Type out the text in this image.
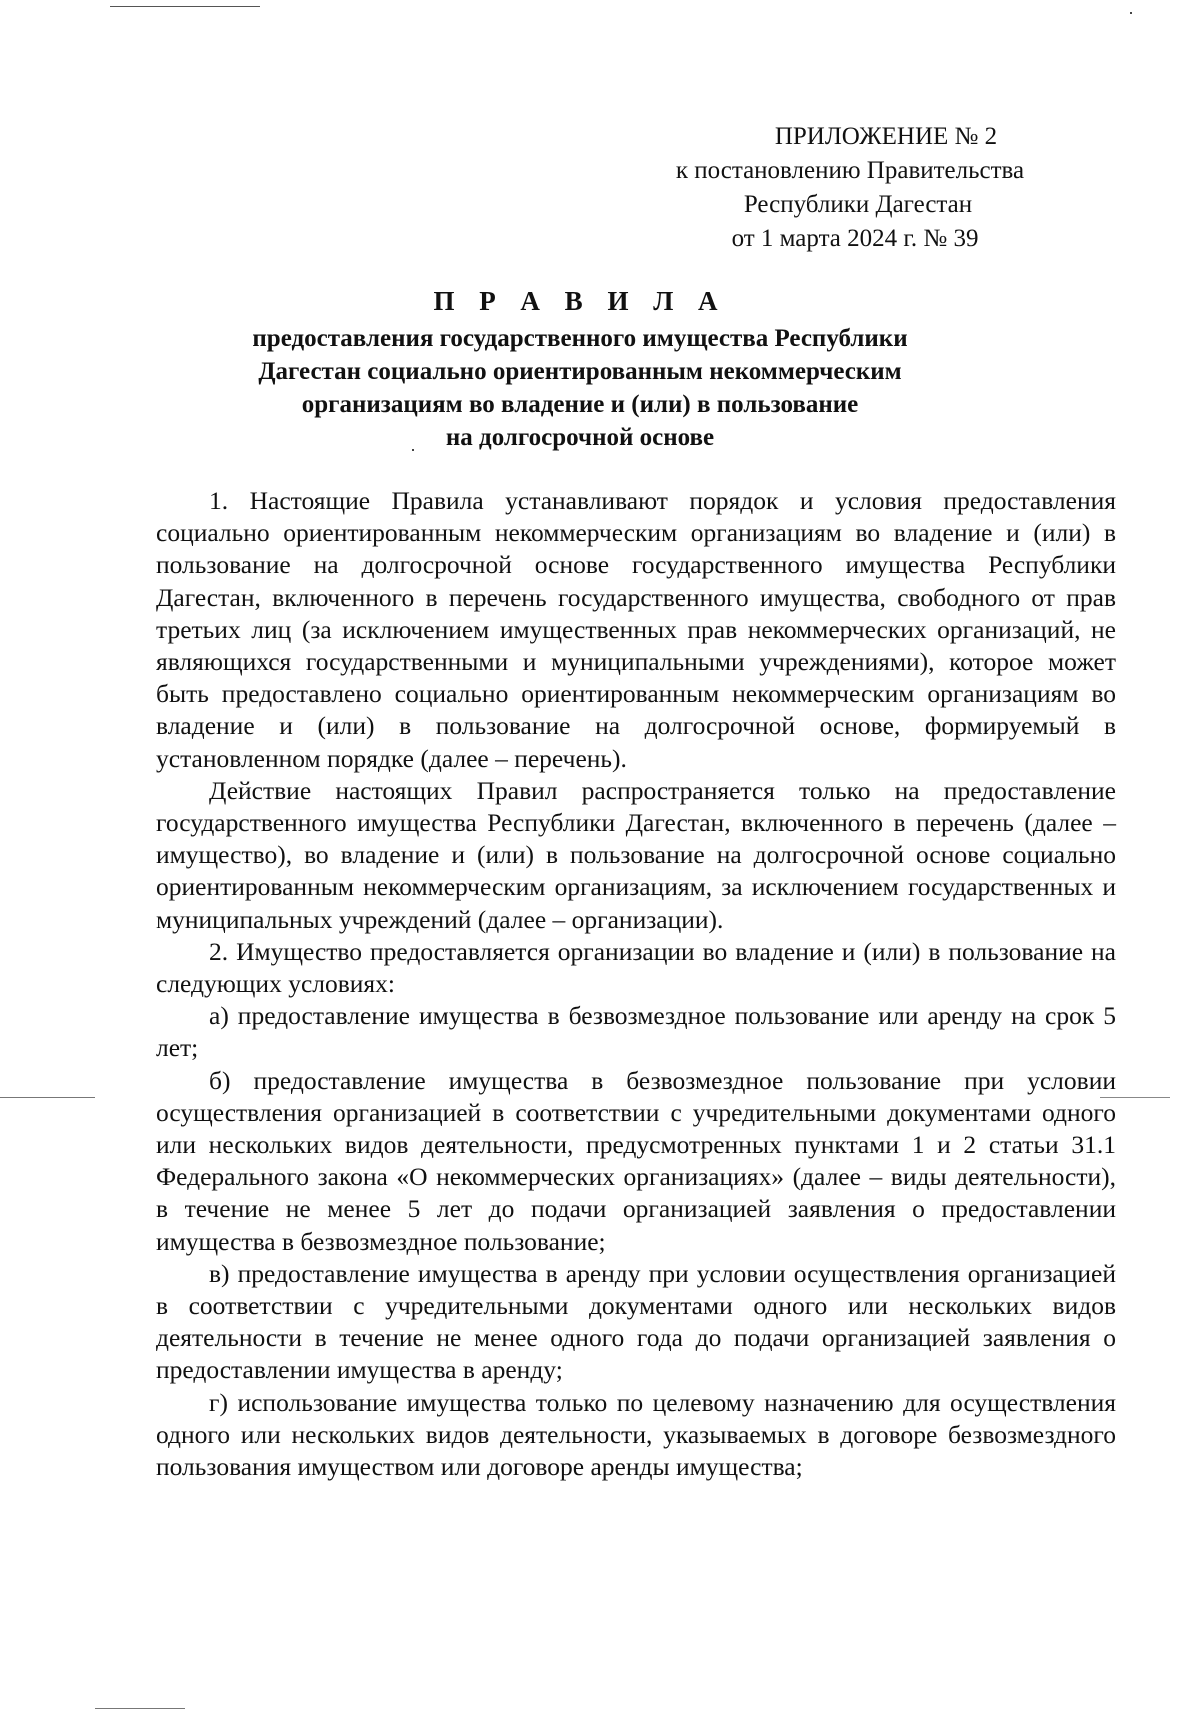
ПРИЛОЖЕНИЕ № 2
к постановлению Правительства
Республики Дагестан
от 1 марта 2024 г. № 39
П Р А В И Л А
предоставления государственного имущества Республики
Дагестан социально ориентированным некоммерческим
организациям во владение и (или) в пользование
на долгосрочной основе

1. Настоящие Правила устанавливают порядок и условия предоставления социально ориентированным некоммерческим организациям во владение и (или) в пользование на долгосрочной основе государственного имущества Республики Дагестан, включенного в перечень государственного имущества, свободного от прав третьих лиц (за исключением имущественных прав некоммерческих организаций, не являющихся государственными и муниципальными учреждениями), которое может быть предоставлено социально ориентированным некоммерческим организациям во владение и (или) в пользование на долгосрочной основе, формируемый в установленном порядке (далее – перечень).

Действие настоящих Правил распространяется только на предоставление государственного имущества Республики Дагестан, включенного в перечень (далее – имущество), во владение и (или) в пользование на долгосрочной основе социально ориентированным некоммерческим организациям, за исключением государственных и муниципальных учреждений (далее – организации).

2. Имущество предоставляется организации во владение и (или) в пользование на следующих условиях:

а) предоставление имущества в безвозмездное пользование или аренду на срок 5 лет;

б) предоставление имущества в безвозмездное пользование при условии осуществления организацией в соответствии с учредительными документами одного или нескольких видов деятельности, предусмотренных пунктами 1 и 2 статьи 31.1 Федерального закона «О некоммерческих организациях» (далее – виды деятельности), в течение не менее 5 лет до подачи организацией заявления о предоставлении имущества в безвозмездное пользование;

в) предоставление имущества в аренду при условии осуществления организацией в соответствии с учредительными документами одного или нескольких видов деятельности в течение не менее одного года до подачи организацией заявления о предоставлении имущества в аренду;

г) использование имущества только по целевому назначению для осуществления одного или нескольких видов деятельности, указываемых в договоре безвозмездного пользования имуществом или договоре аренды имущества;
